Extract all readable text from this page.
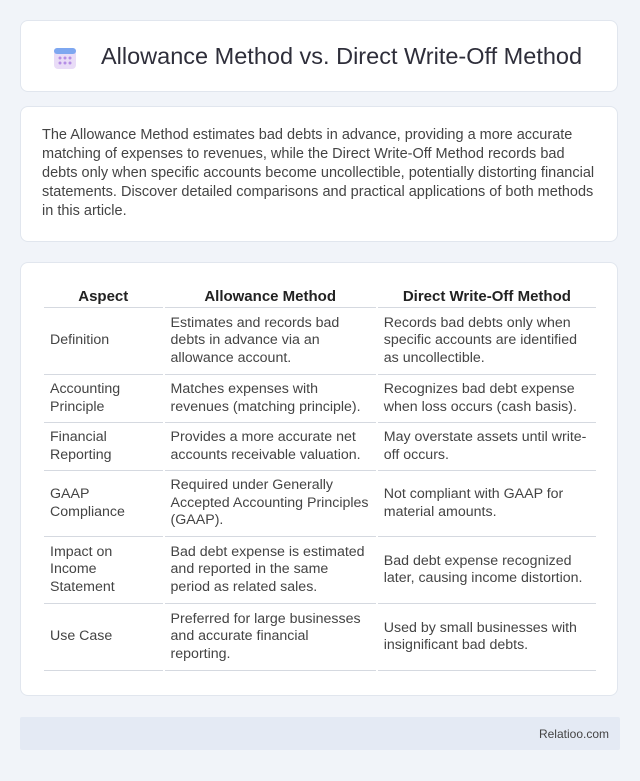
Allowance Method vs. Direct Write-Off Method

The Allowance Method estimates bad debts in advance, providing a more accurate matching of expenses to revenues, while the Direct Write-Off Method records bad debts only when specific accounts become uncollectible, potentially distorting financial statements. Discover detailed comparisons and practical applications of both methods in this article.

Aspect	Allowance Method	Direct Write-Off Method
Definition	Estimates and records bad debts in advance via an allowance account.	Records bad debts only when specific accounts are identified as uncollectible.
Accounting Principle	Matches expenses with revenues (matching principle).	Recognizes bad debt expense when loss occurs (cash basis).
Financial Reporting	Provides a more accurate net accounts receivable valuation.	May overstate assets until write-off occurs.
GAAP Compliance	Required under Generally Accepted Accounting Principles (GAAP).	Not compliant with GAAP for material amounts.
Impact on Income Statement	Bad debt expense is estimated and reported in the same period as related sales.	Bad debt expense recognized later, causing income distortion.
Use Case	Preferred for large businesses and accurate financial reporting.	Used by small businesses with insignificant bad debts.
Relatioo.com
